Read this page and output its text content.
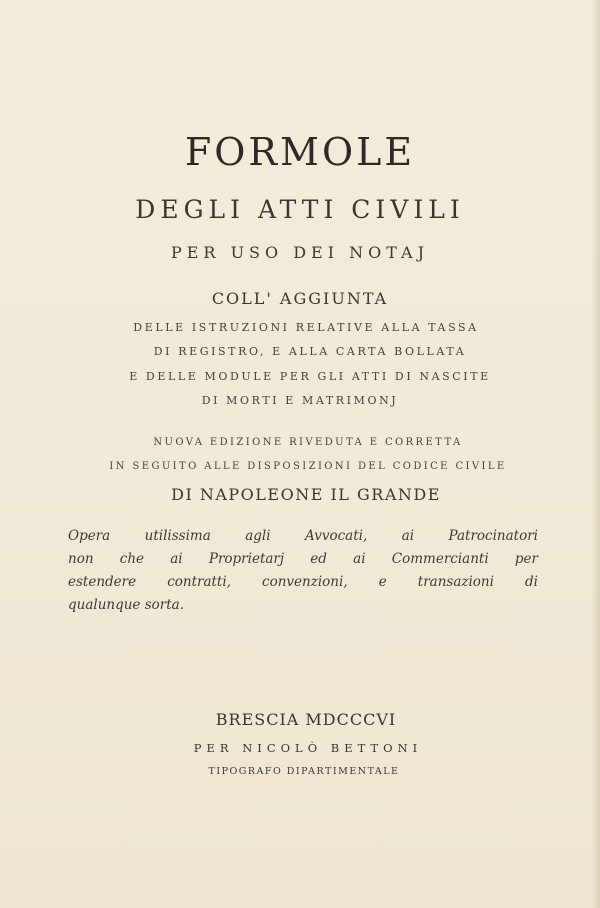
FORMOLE
DEGLI ATTI CIVILI
PER USO DEI NOTAJ
COLL' AGGIUNTA
DELLE ISTRUZIONI RELATIVE ALLA TASSA
DI REGISTRO, E ALLA CARTA BOLLATA
E DELLE MODULE PER GLI ATTI DI NASCITE
DI MORTI E MATRIMONJ
NUOVA EDIZIONE RIVEDUTA E CORRETTA
IN SEGUITO ALLE DISPOSIZIONI DEL CODICE CIVILE
DI NAPOLEONE IL GRANDE
Opera utilissima agli Avvocati, ai Patrocinatori
non che ai Proprietarj ed ai Commercianti per
estendere contratti, convenzioni, e transazioni di
qualunque sorta.
BRESCIA MDCCCVI
PER NICOLÒ BETTONI
TIPOGRAFO DIPARTIMENTALE
